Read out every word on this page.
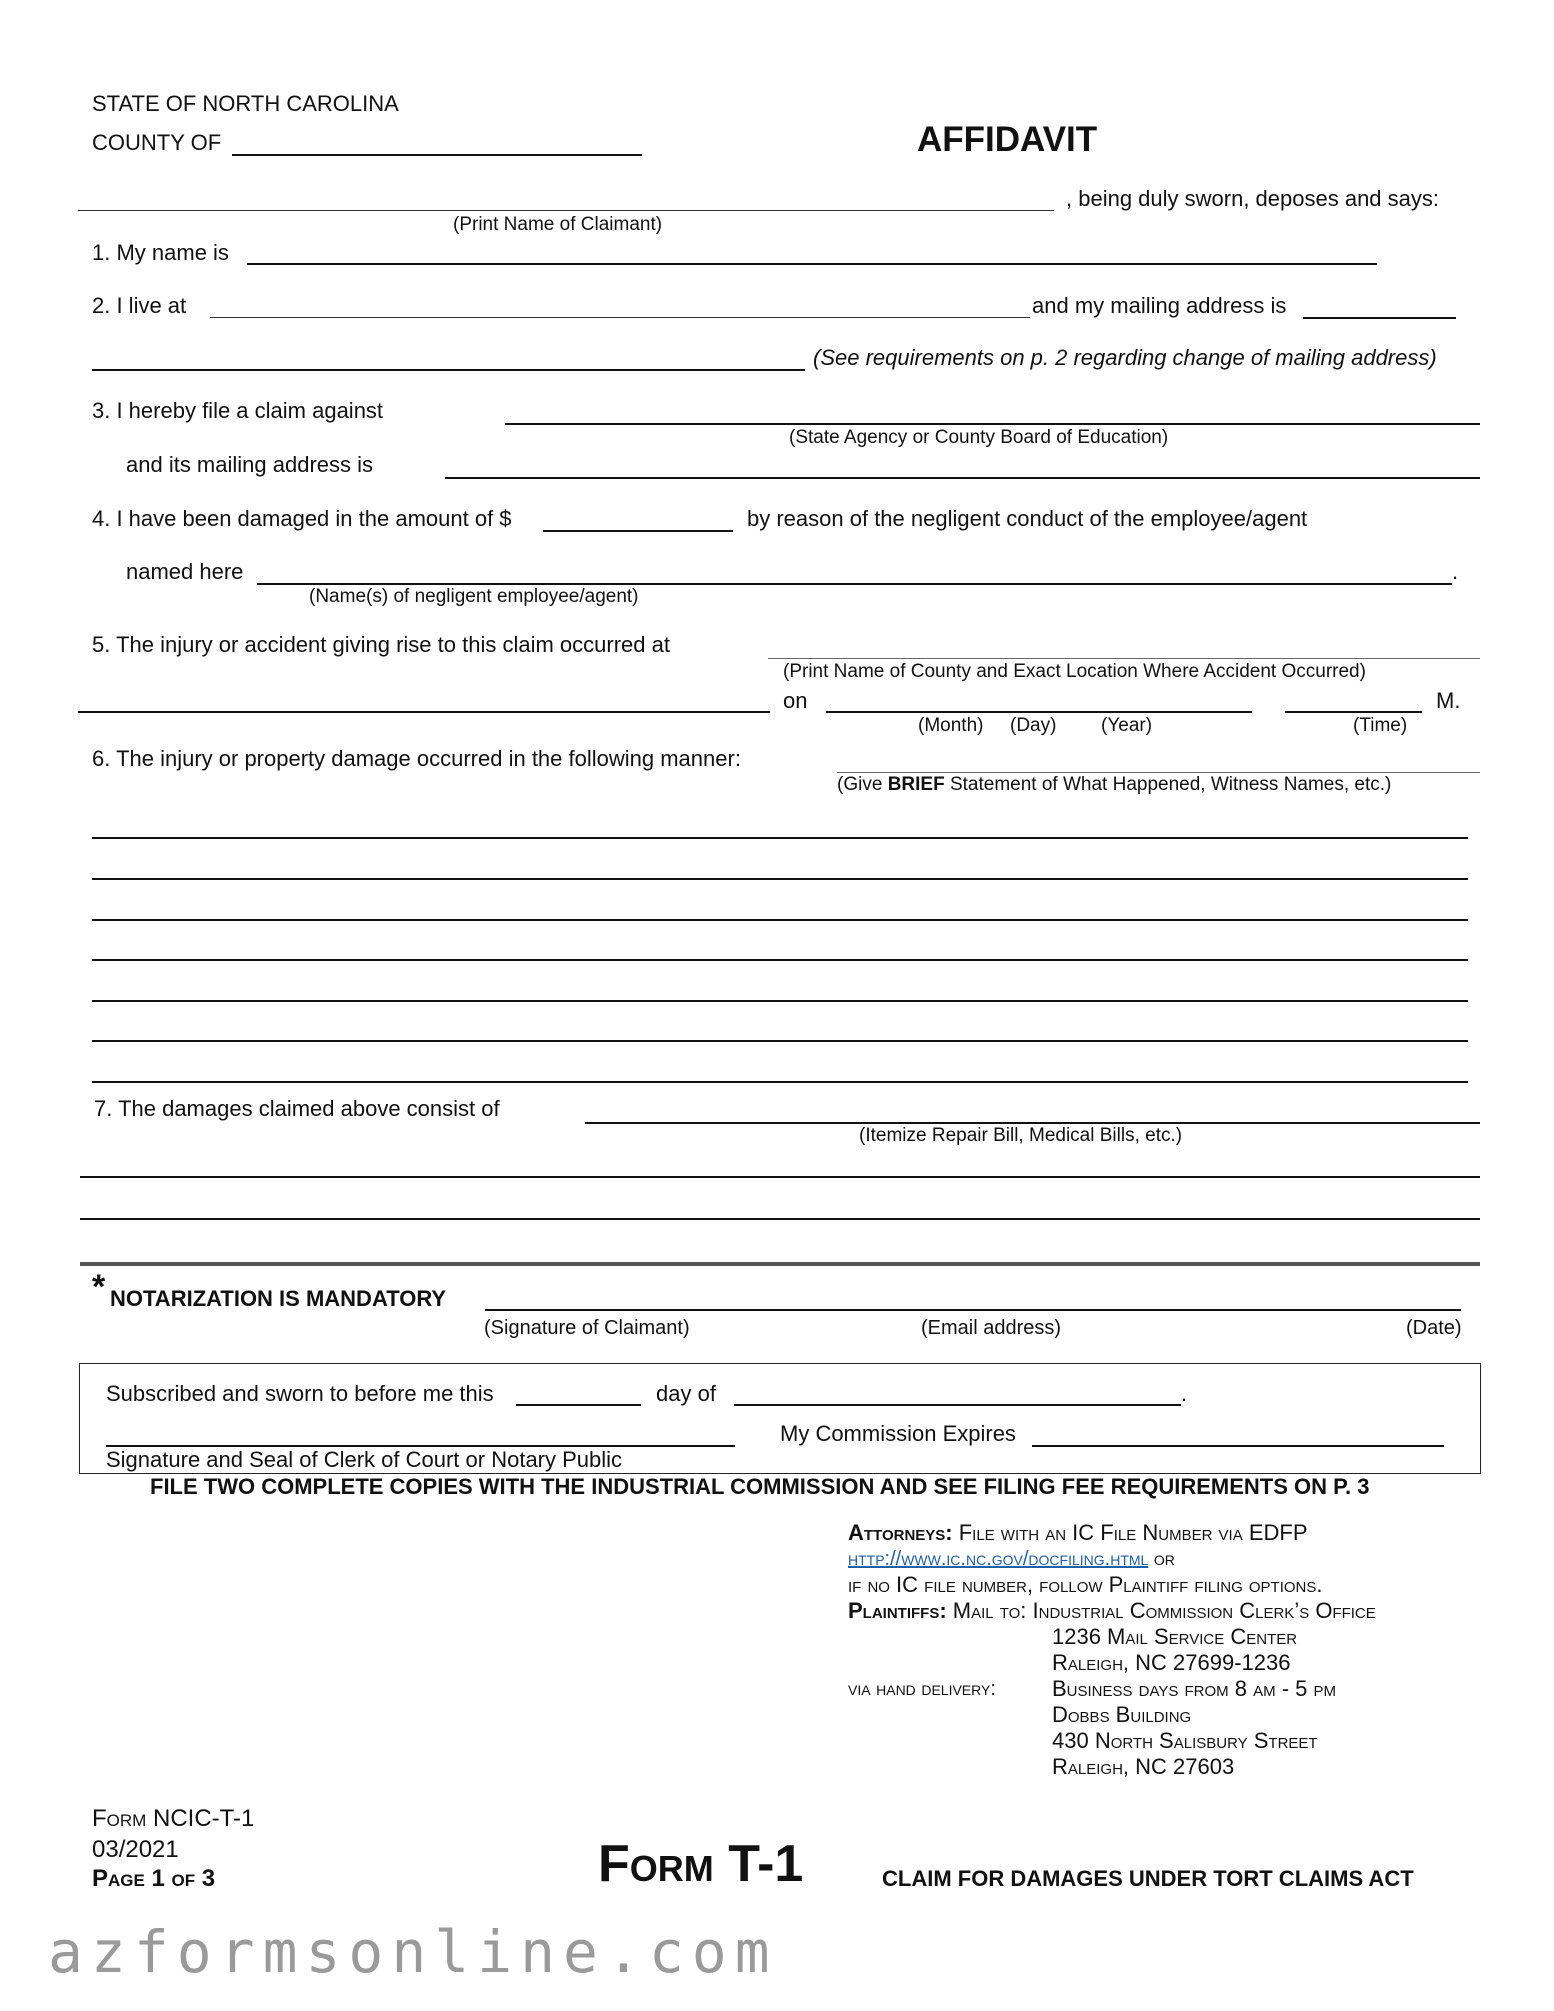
STATE OF NORTH CAROLINA
COUNTY OF	AFFIDAVIT
, being duly sworn, deposes and says:
(Print Name of Claimant)
1. My name is
2. I live at	and my mailing address is
(See requirements on p. 2 regarding change of mailing address)
3. I hereby file a claim against
(State Agency or County Board of Education)
and its mailing address is
4. I have been damaged in the amount of $	by reason of the negligent conduct of the employee/agent
named here	.
(Name(s) of negligent employee/agent)
5. The injury or accident giving rise to this claim occurred at
(Print Name of County and Exact Location Where Accident Occurred)
on	M.
(Month) (Day) (Year)	(Time)
6. The injury or property damage occurred in the following manner:
(Give BRIEF Statement of What Happened, Witness Names, etc.)
7. The damages claimed above consist of
(Itemize Repair Bill, Medical Bills, etc.)
* NOTARIZATION IS MANDATORY
(Signature of Claimant)	(Email address)	(Date)
Subscribed and sworn to before me this	day of	.
My Commission Expires
Signature and Seal of Clerk of Court or Notary Public
FILE TWO COMPLETE COPIES WITH THE INDUSTRIAL COMMISSION AND SEE FILING FEE REQUIREMENTS ON P. 3
Attorneys: File with an IC File Number via EDFP
http://www.ic.nc.gov/docfiling.html or
if no IC file number, follow Plaintiff filing options.
Plaintiffs: Mail to: Industrial Commission Clerk’s Office
1236 Mail Service Center
Raleigh, NC 27699-1236
via hand delivery:	Business days from 8 am - 5 pm
Dobbs Building
430 North Salisbury Street
Raleigh, NC 27603
Form NCIC-T-1
03/2021
Page 1 of 3	Form T-1	CLAIM FOR DAMAGES UNDER TORT CLAIMS ACT
azformsonline.com
